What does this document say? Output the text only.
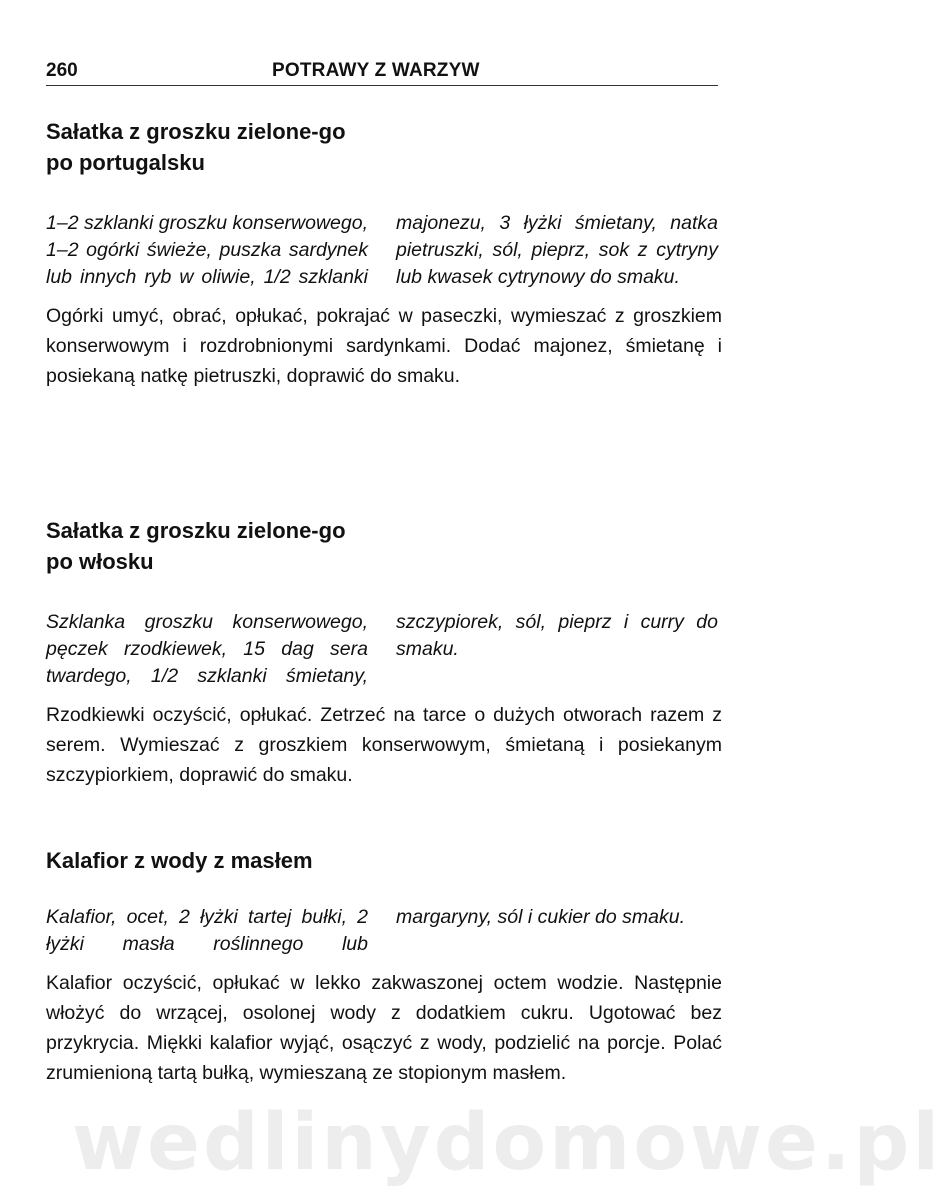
260	POTRAWY Z WARZYW
Sałatka z groszku zielone-go po portugalsku
1–2 szklanki groszku konserwowego, 1–2 ogórki świeże, puszka sardynek lub innych ryb w oliwie, 1/2 szklanki majonezu, 3 łyżki śmietany, natka pietruszki, sól, pieprz, sok z cytryny lub kwasek cytrynowy do smaku.
Ogórki umyć, obrać, opłukać, pokrajać w paseczki, wymieszać z groszkiem konserwowym i rozdrobnionymi sardynkami. Dodać majonez, śmietanę i posiekaną natkę pietruszki, doprawić do smaku.
Sałatka z groszku zielone-go po włosku
Szklanka groszku konserwowego, pęczek rzodkiewek, 15 dag sera twardego, 1/2 szklanki śmietany, szczypiorek, sól, pieprz i curry do smaku.
Rzodkiewki oczyścić, opłukać. Zetrzeć na tarce o dużych otworach razem z serem. Wymieszać z groszkiem konserwowym, śmietaną i posiekanym szczypiorkiem, doprawić do smaku.
Kalafior z wody z masłem
Kalafior, ocet, 2 łyżki tartej bułki, 2 łyżki masła roślinnego lub margaryny, sól i cukier do smaku.
Kalafior oczyścić, opłukać w lekko zakwaszonej octem wodzie. Następnie włożyć do wrzącej, osolonej wody z dodatkiem cukru. Ugotować bez przykrycia. Miękki kalafior wyjąć, osączyć z wody, podzielić na porcje. Polać zrumienioną tartą bułką, wymieszaną ze stopionym masłem.
wedlinydomowe.pl
